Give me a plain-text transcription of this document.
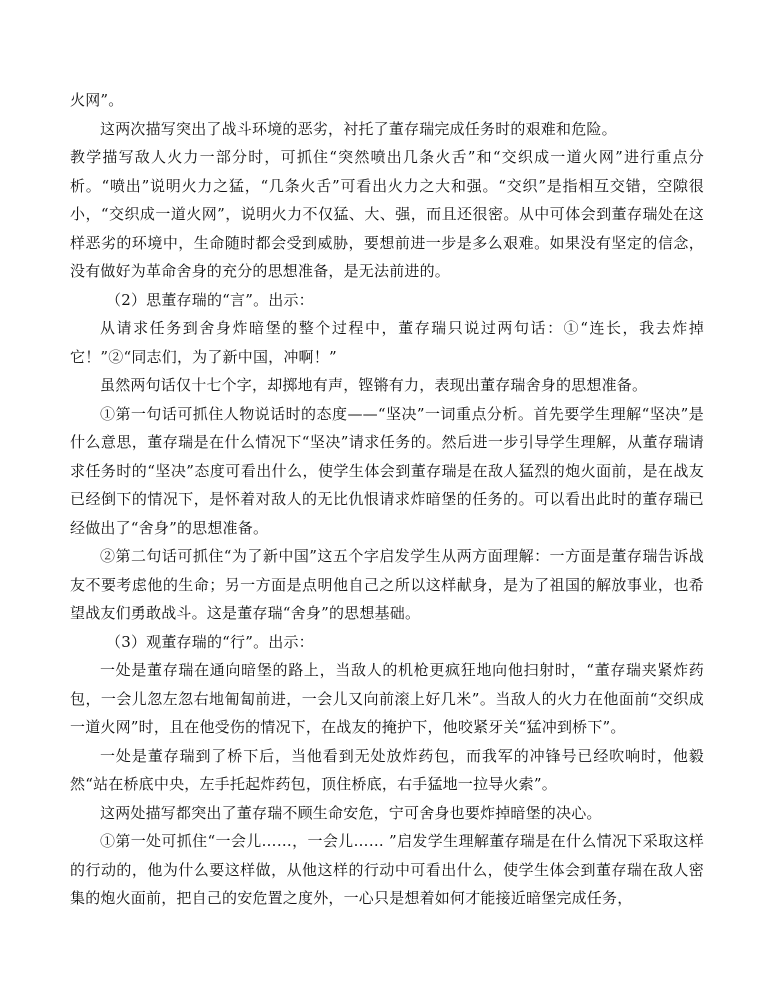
火网”。

这两次描写突出了战斗环境的恶劣，衬托了董存瑞完成任务时的艰难和危险。

教学描写敌人火力一部分时，可抓住“突然喷出几条火舌”和“交织成一道火网”进行重点分析。“喷出”说明火力之猛，“几条火舌”可看出火力之大和强。“交织”是指相互交错，空隙很小，“交织成一道火网”，说明火力不仅猛、大、强，而且还很密。从中可体会到董存瑞处在这样恶劣的环境中，生命随时都会受到威胁，要想前进一步是多么艰难。如果没有坚定的信念，没有做好为革命舍身的充分的思想准备，是无法前进的。

（2）思董存瑞的“言”。出示：

从请求任务到舍身炸暗堡的整个过程中，董存瑞只说过两句话：①“连长，我去炸掉它！”②“同志们，为了新中国，冲啊！”

虽然两句话仅十七个字，却掷地有声，铿锵有力，表现出董存瑞舍身的思想准备。

①第一句话可抓住人物说话时的态度——“坚决”一词重点分析。首先要学生理解“坚决”是什么意思，董存瑞是在什么情况下“坚决”请求任务的。然后进一步引导学生理解，从董存瑞请求任务时的“坚决”态度可看出什么，使学生体会到董存瑞是在敌人猛烈的炮火面前，是在战友已经倒下的情况下，是怀着对敌人的无比仇恨请求炸暗堡的任务的。可以看出此时的董存瑞已经做出了“舍身”的思想准备。

②第二句话可抓住“为了新中国”这五个字启发学生从两方面理解：一方面是董存瑞告诉战友不要考虑他的生命；另一方面是点明他自己之所以这样献身，是为了祖国的解放事业，也希望战友们勇敢战斗。这是董存瑞“舍身”的思想基础。

（3）观董存瑞的“行”。出示：

一处是董存瑞在通向暗堡的路上，当敌人的机枪更疯狂地向他扫射时，“董存瑞夹紧炸药包，一会儿忽左忽右地匍匐前进，一会儿又向前滚上好几米”。当敌人的火力在他面前“交织成一道火网”时，且在他受伤的情况下，在战友的掩护下，他咬紧牙关“猛冲到桥下”。

一处是董存瑞到了桥下后，当他看到无处放炸药包，而我军的冲锋号已经吹响时，他毅然“站在桥底中央，左手托起炸药包，顶住桥底，右手猛地一拉导火索”。

这两处描写都突出了董存瑞不顾生命安危，宁可舍身也要炸掉暗堡的决心。

①第一处可抓住“一会儿……，一会儿…… ”启发学生理解董存瑞是在什么情况下采取这样的行动的，他为什么要这样做，从他这样的行动中可看出什么，使学生体会到董存瑞在敌人密集的炮火面前，把自己的安危置之度外，一心只是想着如何才能接近暗堡完成任务，
